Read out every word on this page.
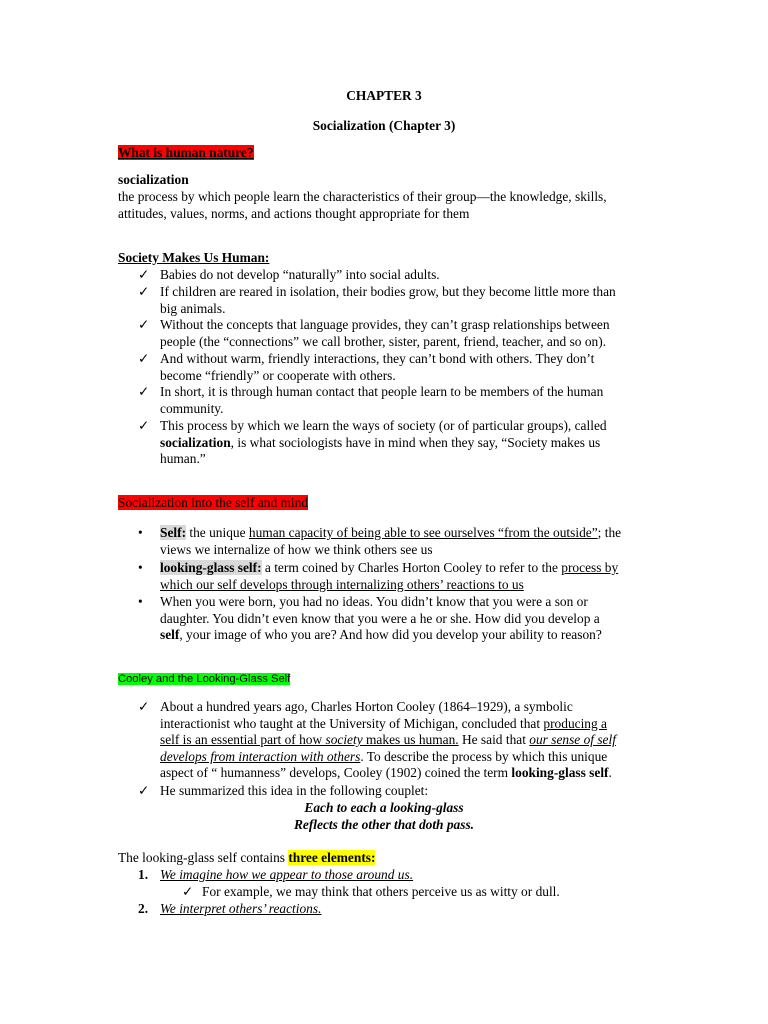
CHAPTER 3
Socialization (Chapter 3)
What is human nature?
socialization
the process by which people learn the characteristics of their group—the knowledge, skills,
attitudes, values, norms, and actions thought appropriate for them
Society Makes Us Human:
✓ Babies do not develop “naturally” into social adults.

✓ If children are reared in isolation, their bodies grow, but they become little more than

big animals.

✓ Without the concepts that language provides, they can’t grasp relationships between

people (the “connections” we call brother, sister, parent, friend, teacher, and so on).

✓ And without warm, friendly interactions, they can’t bond with others. They don’t

become “friendly” or cooperate with others.

✓ In short, it is through human contact that people learn to be members of the human

community.

✓ This process by which we learn the ways of society (or of particular groups), called

socialization, is what sociologists have in mind when they say, “Society makes us

human.”

Socialization into the self and mind
•	Self: the unique human capacity of being able to see ourselves “from the outside”; the

views we internalize of how we think others see us

•	looking-glass self: a term coined by Charles Horton Cooley to refer to the process by

which our self develops through internalizing others’ reactions to us

•	When you were born, you had no ideas. You didn’t know that you were a son or

daughter. You didn’t even know that you were a he or she. How did you develop a

self, your image of who you are? And how did you develop your ability to reason?

Cooley and the Looking-Glass Self
✓ About a hundred years ago, Charles Horton Cooley (1864–1929), a symbolic

interactionist who taught at the University of Michigan, concluded that producing a

self is an essential part of how society makes us human. He said that our sense of self

develops from interaction with others. To describe the process by which this unique

aspect of “ humanness” develops, Cooley (1902) coined the term looking-glass self.

✓ He summarized this idea in the following couplet:
Each to each a looking-glass
Reflects the other that doth pass.
The looking-glass self contains three elements:
1. We imagine how we appear to those around us.
✓ For example, we may think that others perceive us as witty or dull.
2. We interpret others’ reactions.
